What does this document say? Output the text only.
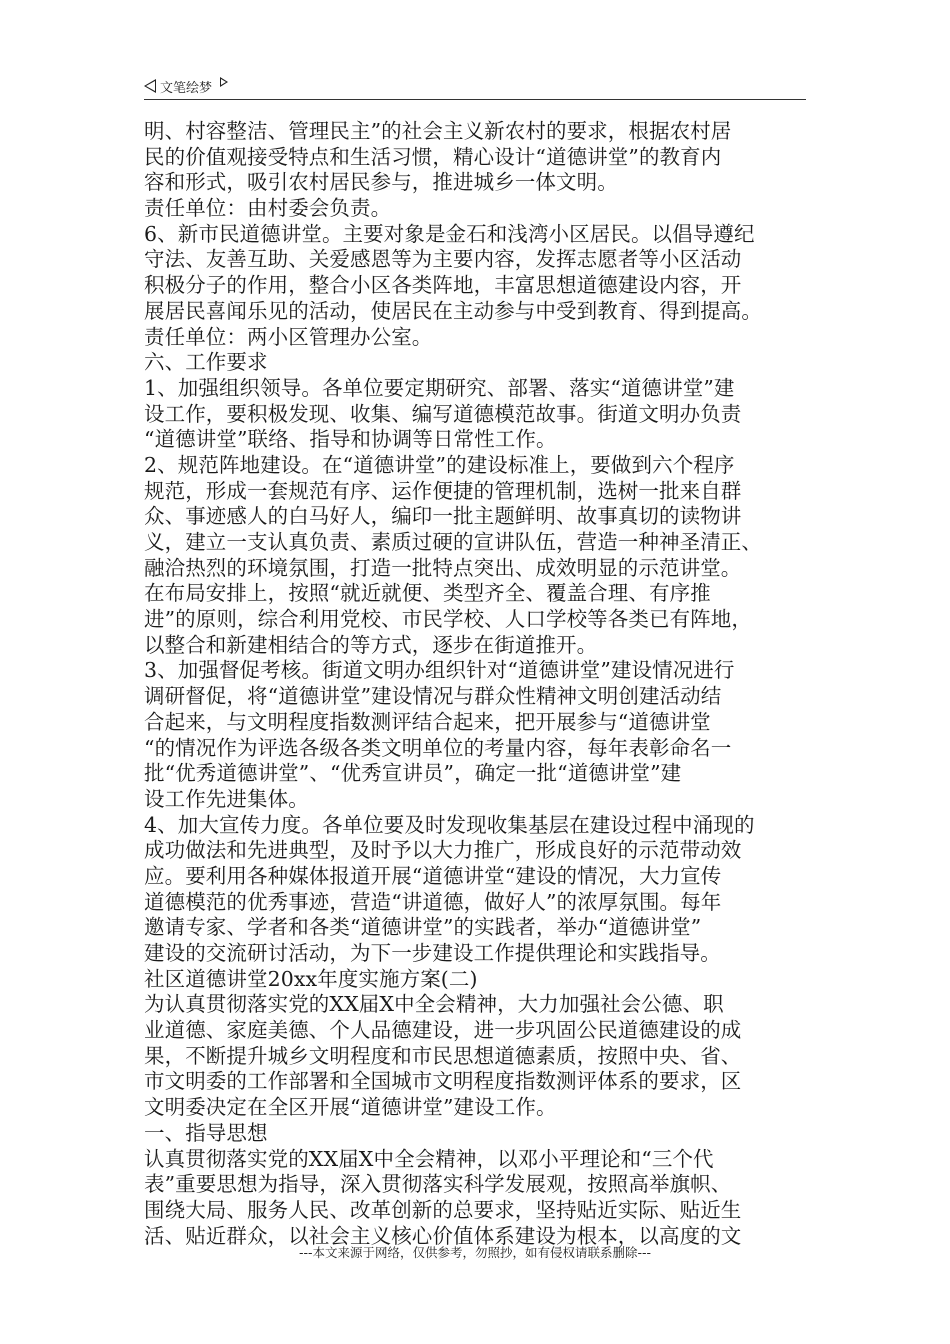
文笔绘梦
明、村容整洁、管理民主”的社会主义新农村的要求，根据农村居
民的价值观接受特点和生活习惯，精心设计“道德讲堂”的教育内
容和形式，吸引农村居民参与，推进城乡一体文明。
责任单位：由村委会负责。
6、新市民道德讲堂。主要对象是金石和浅湾小区居民。以倡导遵纪
守法、友善互助、关爱感恩等为主要内容，发挥志愿者等小区活动
积极分子的作用，整合小区各类阵地，丰富思想道德建设内容，开
展居民喜闻乐见的活动，使居民在主动参与中受到教育、得到提高。
责任单位：两小区管理办公室。
六、工作要求
1、加强组织领导。各单位要定期研究、部署、落实“道德讲堂”建
设工作，要积极发现、收集、编写道德模范故事。街道文明办负责
“道德讲堂”联络、指导和协调等日常性工作。
2、规范阵地建设。在“道德讲堂”的建设标准上，要做到六个程序
规范，形成一套规范有序、运作便捷的管理机制，选树一批来自群
众、事迹感人的白马好人，编印一批主题鲜明、故事真切的读物讲
义，建立一支认真负责、素质过硬的宣讲队伍，营造一种神圣清正、
融洽热烈的环境氛围，打造一批特点突出、成效明显的示范讲堂。
在布局安排上，按照“就近就便、类型齐全、覆盖合理、有序推
进”的原则，综合利用党校、市民学校、人口学校等各类已有阵地，
以整合和新建相结合的等方式，逐步在街道推开。
3、加强督促考核。街道文明办组织针对“道德讲堂”建设情况进行
调研督促，将“道德讲堂”建设情况与群众性精神文明创建活动结
合起来，与文明程度指数测评结合起来，把开展参与“道德讲堂
“的情况作为评选各级各类文明单位的考量内容，每年表彰命名一
批“优秀道德讲堂”、“优秀宣讲员”，确定一批“道德讲堂”建
设工作先进集体。
4、加大宣传力度。各单位要及时发现收集基层在建设过程中涌现的
成功做法和先进典型，及时予以大力推广，形成良好的示范带动效
应。要利用各种媒体报道开展“道德讲堂“建设的情况，大力宣传
道德模范的优秀事迹，营造“讲道德，做好人”的浓厚氛围。每年
邀请专家、学者和各类“道德讲堂”的实践者，举办“道德讲堂”
建设的交流研讨活动，为下一步建设工作提供理论和实践指导。
社区道德讲堂20xx年度实施方案(二)
为认真贯彻落实党的XX届X中全会精神，大力加强社会公德、职
业道德、家庭美德、个人品德建设，进一步巩固公民道德建设的成
果，不断提升城乡文明程度和市民思想道德素质，按照中央、省、
市文明委的工作部署和全国城市文明程度指数测评体系的要求，区
文明委决定在全区开展“道德讲堂”建设工作。
一、指导思想
认真贯彻落实党的XX届X中全会精神，以邓小平理论和“三个代
表”重要思想为指导，深入贯彻落实科学发展观，按照高举旗帜、
围绕大局、服务人民、改革创新的总要求，坚持贴近实际、贴近生
活、贴近群众，以社会主义核心价值体系建设为根本，以高度的文
---本文来源于网络，仅供参考，勿照抄，如有侵权请联系删除---
